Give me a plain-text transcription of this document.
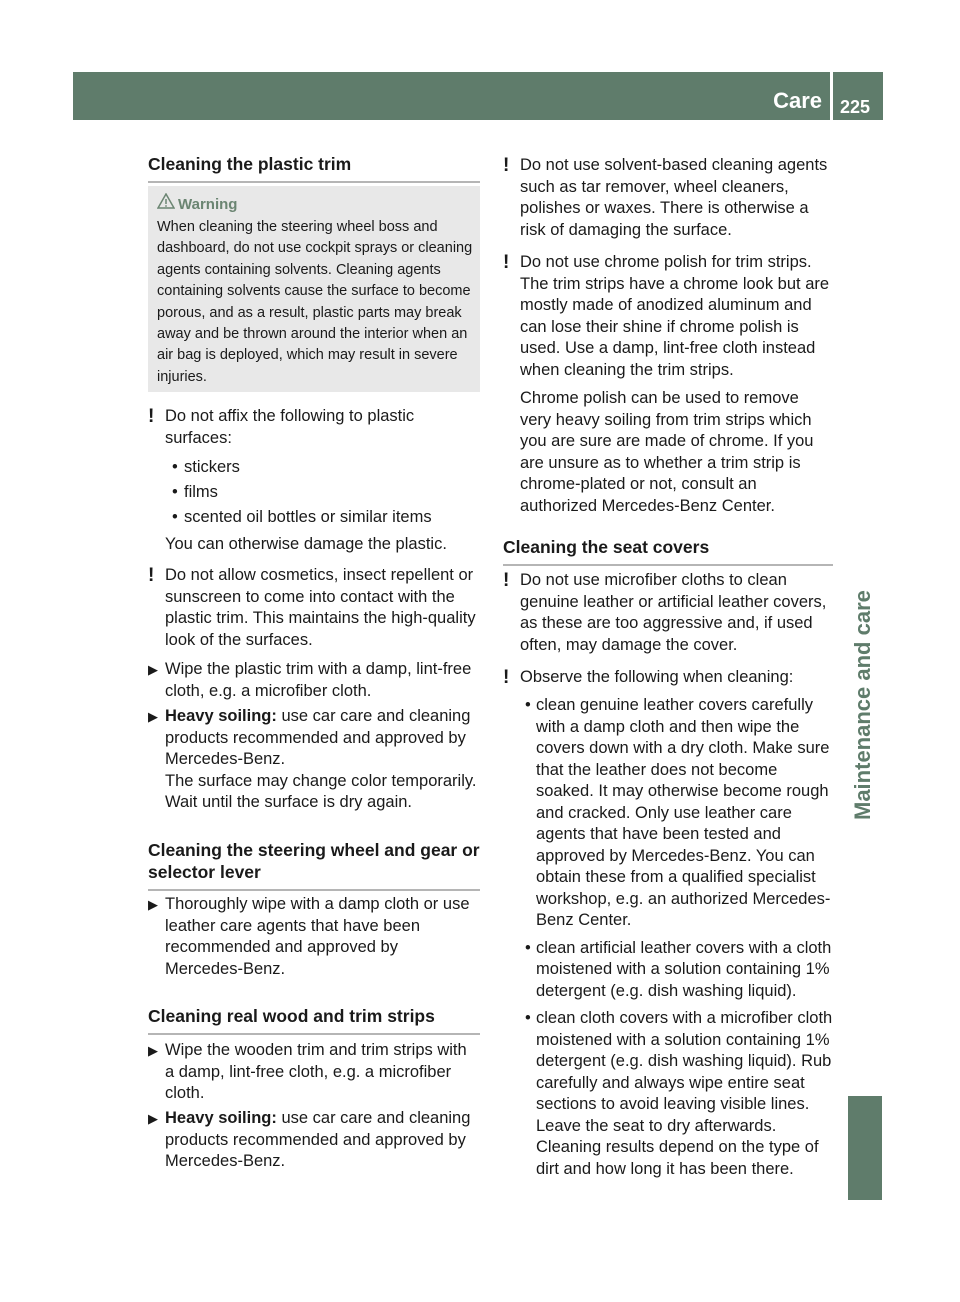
Care 225
Maintenance and care
Cleaning the plastic trim
Warning
When cleaning the steering wheel boss and dashboard, do not use cockpit sprays or cleaning agents containing solvents. Cleaning agents containing solvents cause the surface to become porous, and as a result, plastic parts may break away and be thrown around the interior when an air bag is deployed, which may result in severe injuries.
! Do not affix the following to plastic surfaces:
• stickers
• films
• scented oil bottles or similar items
You can otherwise damage the plastic.
! Do not allow cosmetics, insect repellent or sunscreen to come into contact with the plastic trim. This maintains the high-quality look of the surfaces.
▶ Wipe the plastic trim with a damp, lint-free cloth, e.g. a microfiber cloth.
▶ Heavy soiling: use car care and cleaning products recommended and approved by Mercedes-Benz.
The surface may change color temporarily. Wait until the surface is dry again.
Cleaning the steering wheel and gear or selector lever
▶ Thoroughly wipe with a damp cloth or use leather care agents that have been recommended and approved by Mercedes-Benz.
Cleaning real wood and trim strips
▶ Wipe the wooden trim and trim strips with a damp, lint-free cloth, e.g. a microfiber cloth.
▶ Heavy soiling: use car care and cleaning products recommended and approved by Mercedes-Benz.
! Do not use solvent-based cleaning agents such as tar remover, wheel cleaners, polishes or waxes. There is otherwise a risk of damaging the surface.
! Do not use chrome polish for trim strips. The trim strips have a chrome look but are mostly made of anodized aluminum and can lose their shine if chrome polish is used. Use a damp, lint-free cloth instead when cleaning the trim strips.
Chrome polish can be used to remove very heavy soiling from trim strips which you are sure are made of chrome. If you are unsure as to whether a trim strip is chrome-plated or not, consult an authorized Mercedes-Benz Center.
Cleaning the seat covers
! Do not use microfiber cloths to clean genuine leather or artificial leather covers, as these are too aggressive and, if used often, may damage the cover.
! Observe the following when cleaning:
• clean genuine leather covers carefully with a damp cloth and then wipe the covers down with a dry cloth. Make sure that the leather does not become soaked. It may otherwise become rough and cracked. Only use leather care agents that have been tested and approved by Mercedes-Benz. You can obtain these from a qualified specialist workshop, e.g. an authorized Mercedes-Benz Center.
• clean artificial leather covers with a cloth moistened with a solution containing 1% detergent (e.g. dish washing liquid).
• clean cloth covers with a microfiber cloth moistened with a solution containing 1% detergent (e.g. dish washing liquid). Rub carefully and always wipe entire seat sections to avoid leaving visible lines. Leave the seat to dry afterwards. Cleaning results depend on the type of dirt and how long it has been there.
